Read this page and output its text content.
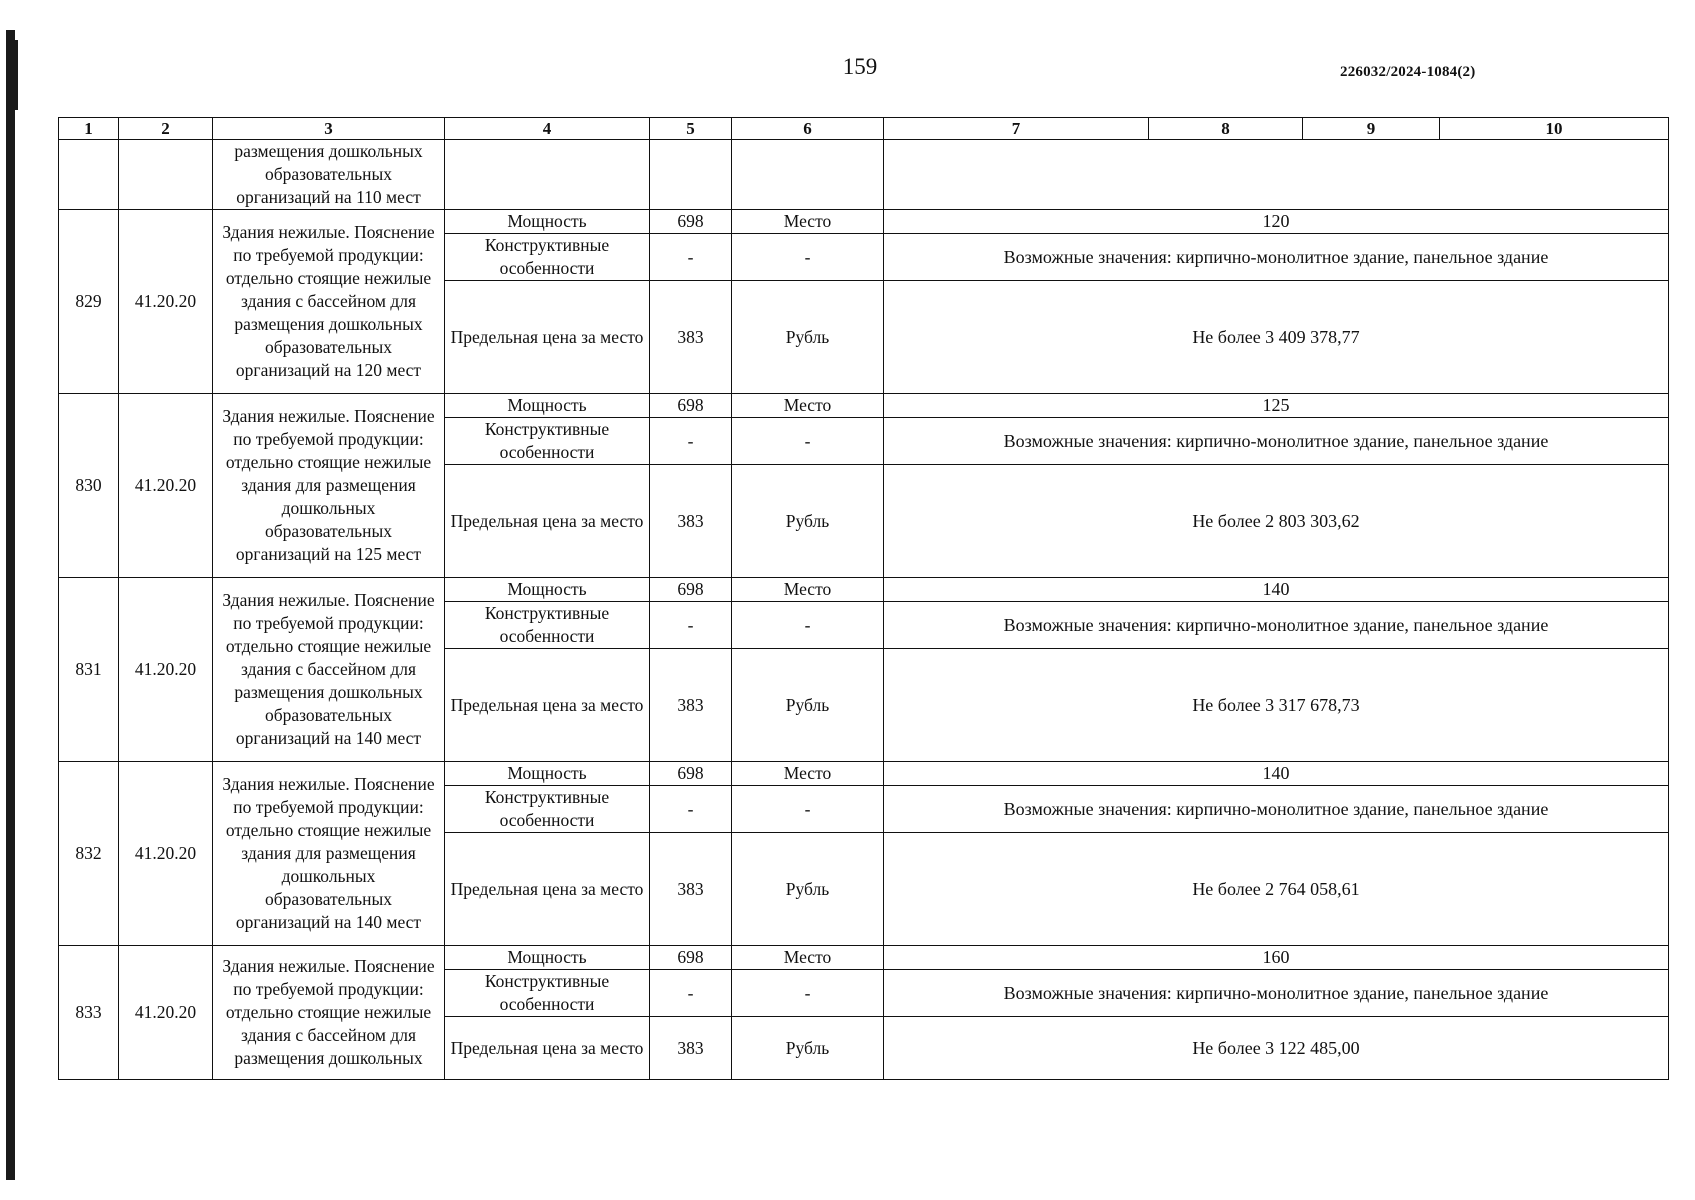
159	226032/2024-1084(2)
1	2	3	4	5	6	7	8	9	10
		размещения дошкольных образовательных организаций на 110 мест							
829	41.20.20	Здания нежилые. Пояснение по требуемой продукции: отдельно стоящие нежилые здания с бассейном для размещения дошкольных образовательных организаций на 120 мест	Мощность	698	Место	120			
			Конструктивные особенности	-	-	Возможные значения: кирпично-монолитное здание, панельное здание			
			Предельная цена за место	383	Рубль	Не более 3 409 378,77			
830	41.20.20	Здания нежилые. Пояснение по требуемой продукции: отдельно стоящие нежилые здания для размещения дошкольных образовательных организаций на 125 мест	Мощность	698	Место	125			
			Конструктивные особенности	-	-	Возможные значения: кирпично-монолитное здание, панельное здание			
			Предельная цена за место	383	Рубль	Не более 2 803 303,62			
831	41.20.20	Здания нежилые. Пояснение по требуемой продукции: отдельно стоящие нежилые здания с бассейном для размещения дошкольных образовательных организаций на 140 мест	Мощность	698	Место	140			
			Конструктивные особенности	-	-	Возможные значения: кирпично-монолитное здание, панельное здание			
			Предельная цена за место	383	Рубль	Не более 3 317 678,73			
832	41.20.20	Здания нежилые. Пояснение по требуемой продукции: отдельно стоящие нежилые здания для размещения дошкольных образовательных организаций на 140 мест	Мощность	698	Место	140			
			Конструктивные особенности	-	-	Возможные значения: кирпично-монолитное здание, панельное здание			
			Предельная цена за место	383	Рубль	Не более 2 764 058,61			
833	41.20.20	Здания нежилые. Пояснение по требуемой продукции: отдельно стоящие нежилые здания с бассейном для размещения дошкольных	Мощность	698	Место	160			
			Конструктивные особенности	-	-	Возможные значения: кирпично-монолитное здание, панельное здание			
			Предельная цена за место	383	Рубль	Не более 3 122 485,00			
